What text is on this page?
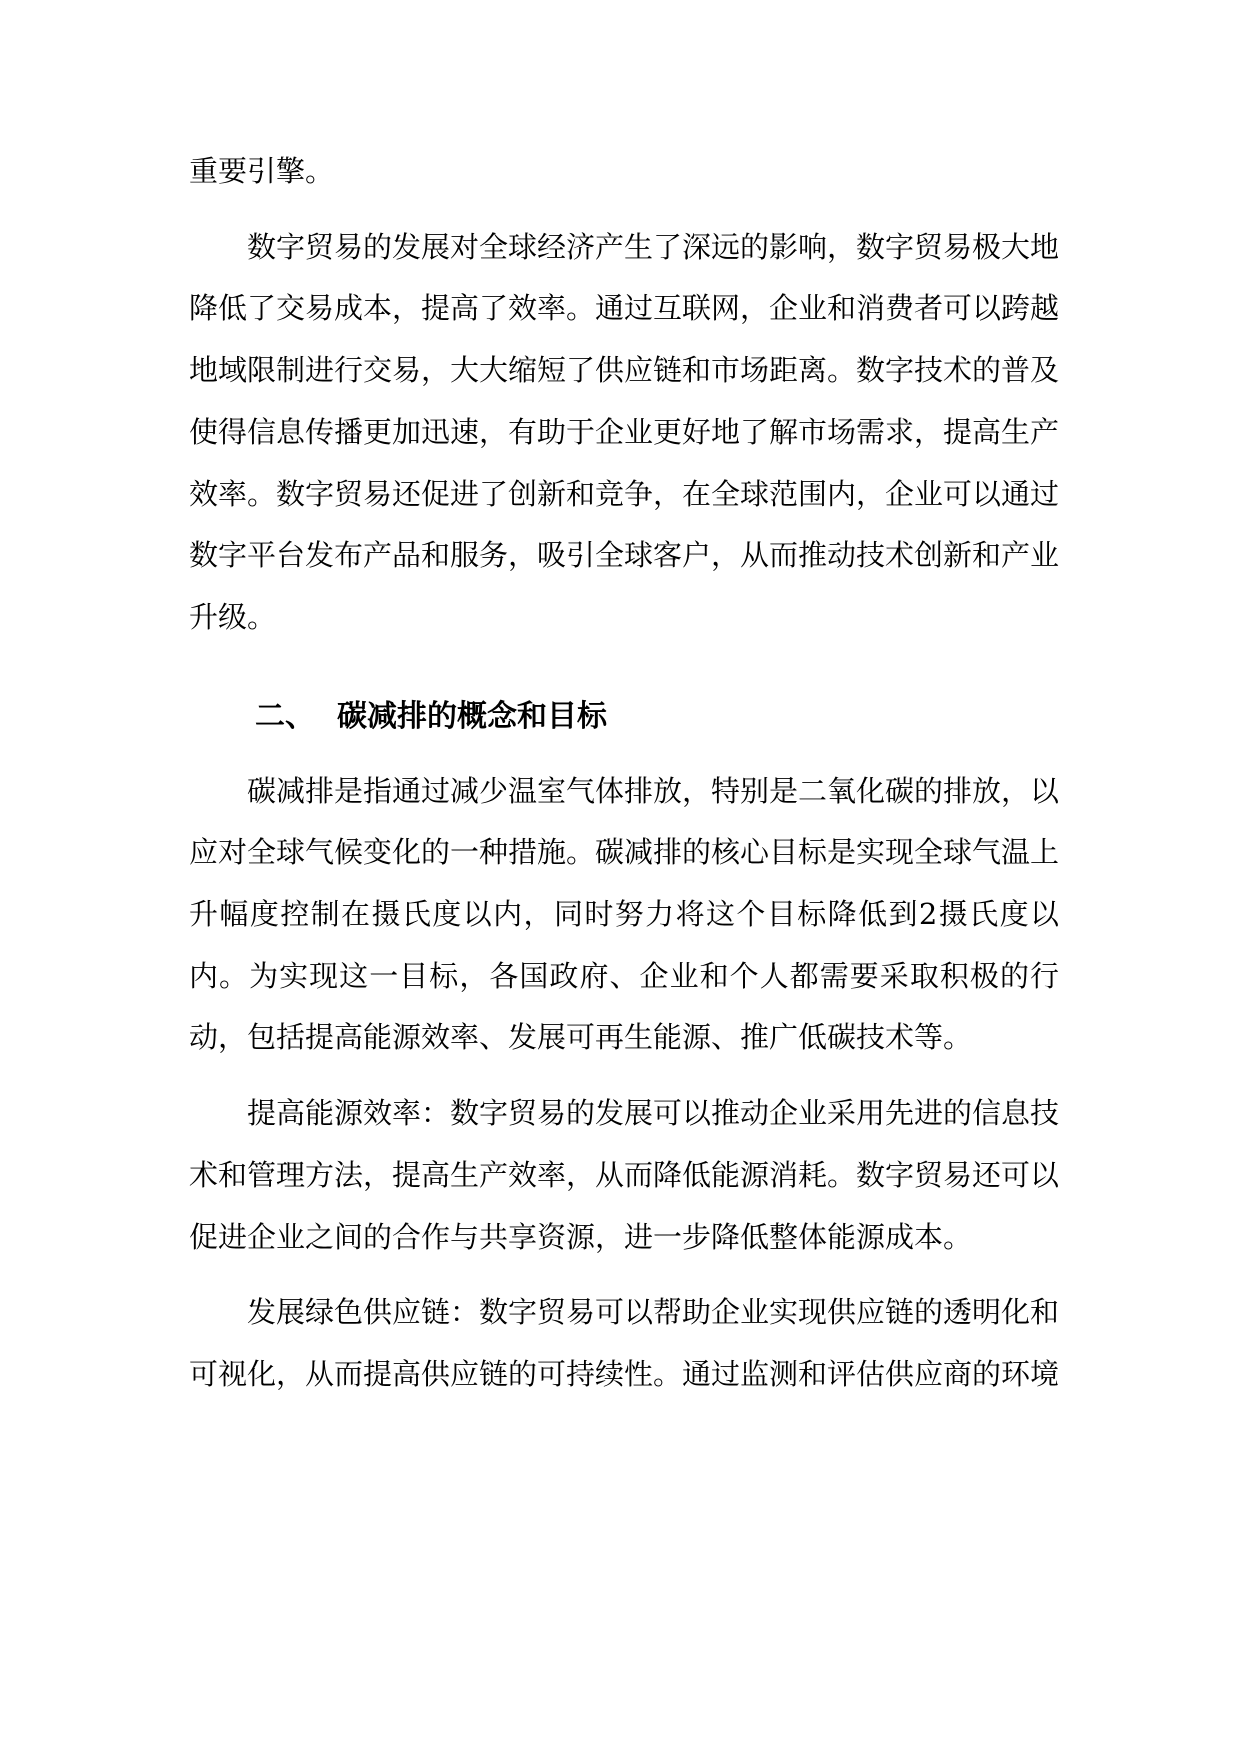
重要引擎。

数字贸易的发展对全球经济产生了深远的影响，数字贸易极大地降低了交易成本，提高了效率。通过互联网，企业和消费者可以跨越地域限制进行交易，大大缩短了供应链和市场距离。数字技术的普及使得信息传播更加迅速，有助于企业更好地了解市场需求，提高生产效率。数字贸易还促进了创新和竞争，在全球范围内，企业可以通过数字平台发布产品和服务，吸引全球客户，从而推动技术创新和产业升级。

二、 碳减排的概念和目标

碳减排是指通过减少温室气体排放，特别是二氧化碳的排放，以应对全球气候变化的一种措施。碳减排的核心目标是实现全球气温上升幅度控制在摄氏度以内，同时努力将这个目标降低到2摄氏度以内。为实现这一目标，各国政府、企业和个人都需要采取积极的行动，包括提高能源效率、发展可再生能源、推广低碳技术等。

提高能源效率：数字贸易的发展可以推动企业采用先进的信息技术和管理方法，提高生产效率，从而降低能源消耗。数字贸易还可以促进企业之间的合作与共享资源，进一步降低整体能源成本。

发展绿色供应链：数字贸易可以帮助企业实现供应链的透明化和可视化，从而提高供应链的可持续性。通过监测和评估供应商的环境
